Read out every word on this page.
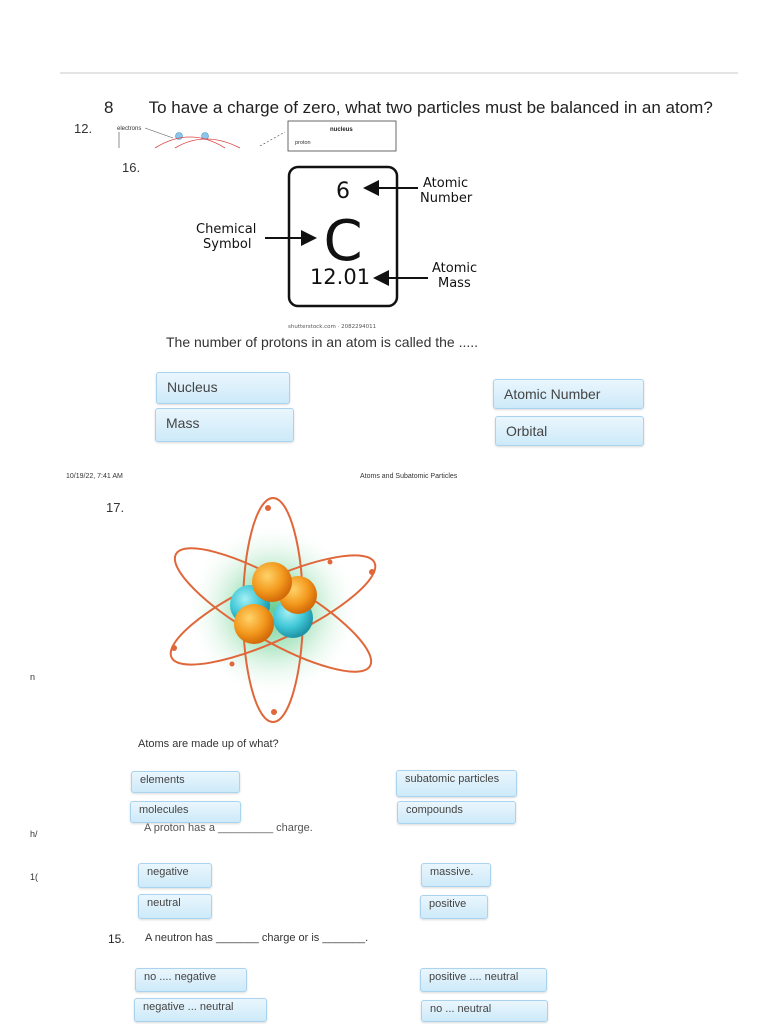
8 To have a charge of zero, what two particles must be balanced in an atom?
12.	electrons	nucleus
proton
16.
6
C
12.01
Atomic
Number
Chemical
Symbol
Atomic
Mass
shutterstock.com · 2082294011
The number of protons in an atom is called the .....
Nucleus	Atomic Number
Mass	Orbital
10/19/22, 7:41 AM	Atoms and Subatomic Particles
17.
Atoms are made up of what?
elements	subatomic particles
molecules	compounds
A proton has a _________ charge.
negative	massive.
neutral	positive
15. A neutron has _______ charge or is _______.
no .... negative	positive .... neutral
negative ... neutral	no ... neutral
n
h/
1(
